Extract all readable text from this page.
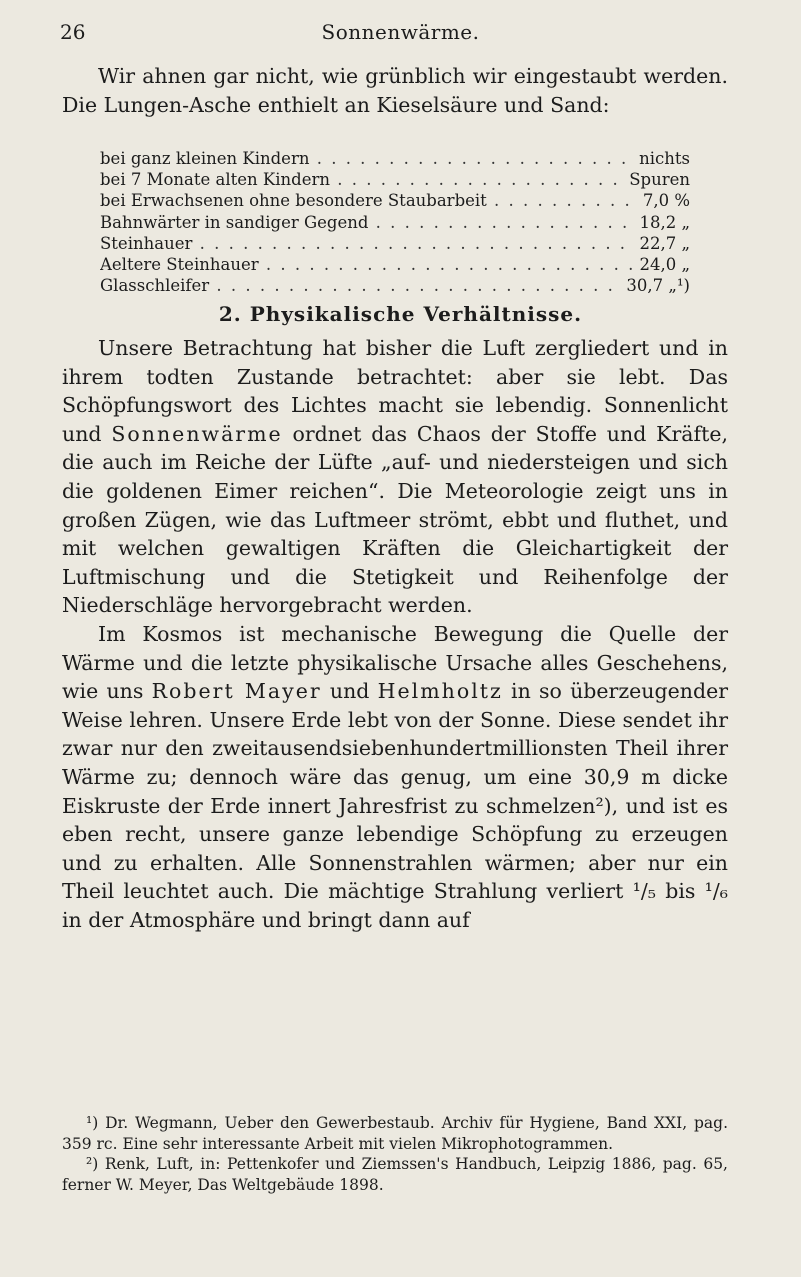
26	Sonnenwärme.

Wir ahnen gar nicht, wie grünblich wir eingestaubt werden. Die Lungen-Asche enthielt an Kieselsäure und Sand:

bei ganz kleinen Kindern . . .	nichts
bei 7 Monate alten Kindern . . .	Spuren
bei Erwachsenen ohne besondere Staubarbeit . . .	7,0 %
Bahnwärter in sandiger Gegend . . .	18,2 „
Steinhauer . . .	22,7 „
Aeltere Steinhauer . . .	24,0 „
Glasschleifer . . .	30,7 „¹)
2. Physikalische Verhältnisse.

Unsere Betrachtung hat bisher die Luft zergliedert und in ihrem todten Zustande betrachtet: aber sie lebt. Das Schöpfungswort des Lichtes macht sie lebendig. Sonnenlicht und Sonnenwärme ordnet das Chaos der Stoffe und Kräfte, die auch im Reiche der Lüfte „auf- und niedersteigen und sich die goldenen Eimer reichen“. Die Meteorologie zeigt uns in großen Zügen, wie das Luftmeer strömt, ebbt und fluthet, und mit welchen gewaltigen Kräften die Gleichartigkeit der Luftmischung und die Stetigkeit und Reihenfolge der Niederschläge hervorgebracht werden.

Im Kosmos ist mechanische Bewegung die Quelle der Wärme und die letzte physikalische Ursache alles Geschehens, wie uns Robert Mayer und Helmholtz in so überzeugender Weise lehren. Unsere Erde lebt von der Sonne. Diese sendet ihr zwar nur den zweitausendsiebenhundertmillionsten Theil ihrer Wärme zu; dennoch wäre das genug, um eine 30,9 m dicke Eiskruste der Erde innert Jahresfrist zu schmelzen²), und ist es eben recht, unsere ganze lebendige Schöpfung zu erzeugen und zu erhalten. Alle Sonnenstrahlen wärmen; aber nur ein Theil leuchtet auch. Die mächtige Strahlung verliert ¹/₅ bis ¹/₆ in der Atmosphäre und bringt dann auf

¹) Dr. Wegmann, Ueber den Gewerbestaub. Archiv für Hygiene, Band XXI, pag. 359 rc. Eine sehr interessante Arbeit mit vielen Mikrophotogrammen.

²) Renk, Luft, in: Pettenkofer und Ziemssen's Handbuch, Leipzig 1886, pag. 65, ferner W. Meyer, Das Weltgebäude 1898.
